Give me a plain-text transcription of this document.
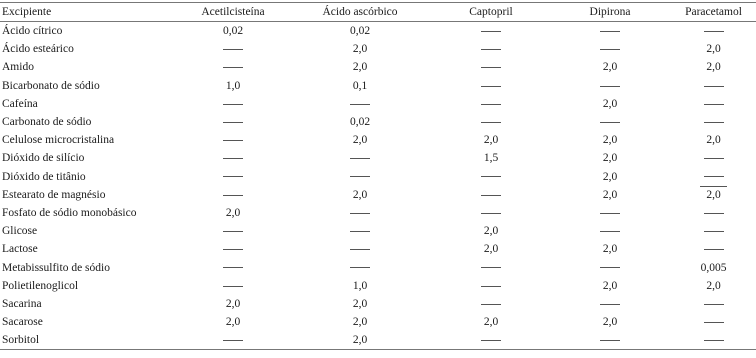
Excipiente	Acetilcisteína	Ácido ascórbico	Captopril	Dipirona	Paracetamol
Ácido cítrico	0,02	0,02			
Ácido esteárico		2,0			2,0
Amido		2,0		2,0	2,0
Bicarbonato de sódio	1,0	0,1			
Cafeína				2,0	
Carbonato de sódio		0,02			
Celulose microcristalina		2,0	2,0	2,0	2,0
Dióxido de silício			1,5	2,0	
Dióxido de titânio				2,0	
Estearato de magnésio		2,0		2,0	2,0

Fosfato de sódio monobásico	2,0				
Glicose			2,0		
Lactose			2,0	2,0	
Metabissulfito de sódio					0,005
Polietilenoglicol		1,0		2,0	2,0
Sacarina	2,0	2,0			
Sacarose	2,0	2,0	2,0	2,0	
Sorbitol		2,0			
